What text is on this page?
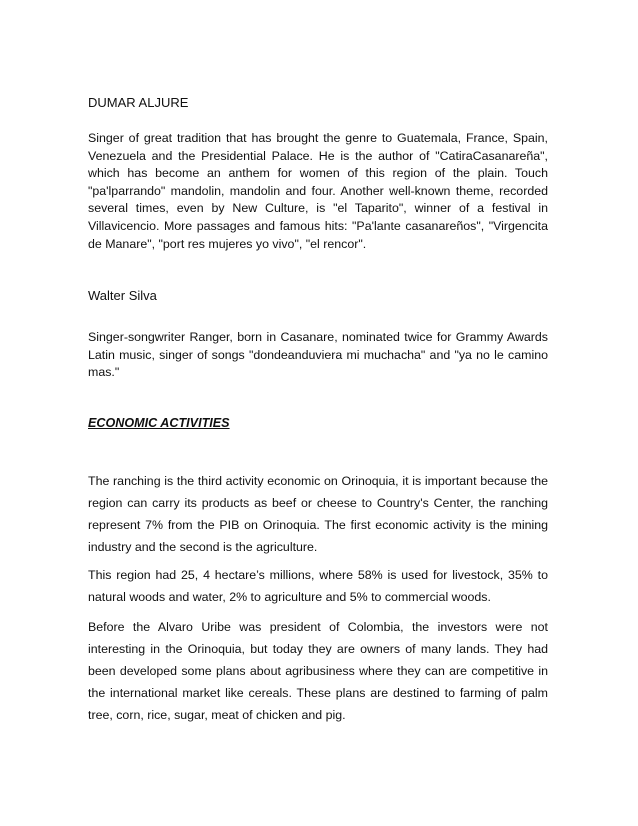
DUMAR ALJURE

Singer of great tradition that has brought the genre to Guatemala, France, Spain, Venezuela and the Presidential Palace. He is the author of "CatiraCasanareña", which has become an anthem for women of this region of the plain. Touch "pa'lparrando" mandolin, mandolin and four. Another well-known theme, recorded several times, even by New Culture, is "el Taparito", winner of a festival in Villavicencio. More passages and famous hits: "Pa'lante casanareños", "Virgencita de Manare", "port res mujeres yo vivo", "el rencor".

Walter Silva

Singer-songwriter Ranger, born in Casanare, nominated twice for Grammy Awards Latin music, singer of songs "dondeanduviera mi muchacha" and "ya no le camino mas."

ECONOMIC ACTIVITIES

The ranching is the third activity economic on Orinoquia, it is important because the region can carry its products as beef or cheese to Country's Center, the ranching represent 7% from the PIB on Orinoquia. The first economic activity is the mining industry and the second is the agriculture.

This region had 25, 4 hectare’s millions, where 58% is used for livestock, 35% to natural woods and water, 2% to agriculture and 5% to commercial woods.

Before the Alvaro Uribe was president of Colombia, the investors were not interesting in the Orinoquia, but today they are owners of many lands. They had been developed some plans about agribusiness where they can are competitive in the international market like cereals. These plans are destined to farming of palm tree, corn, rice, sugar, meat of chicken and pig.
